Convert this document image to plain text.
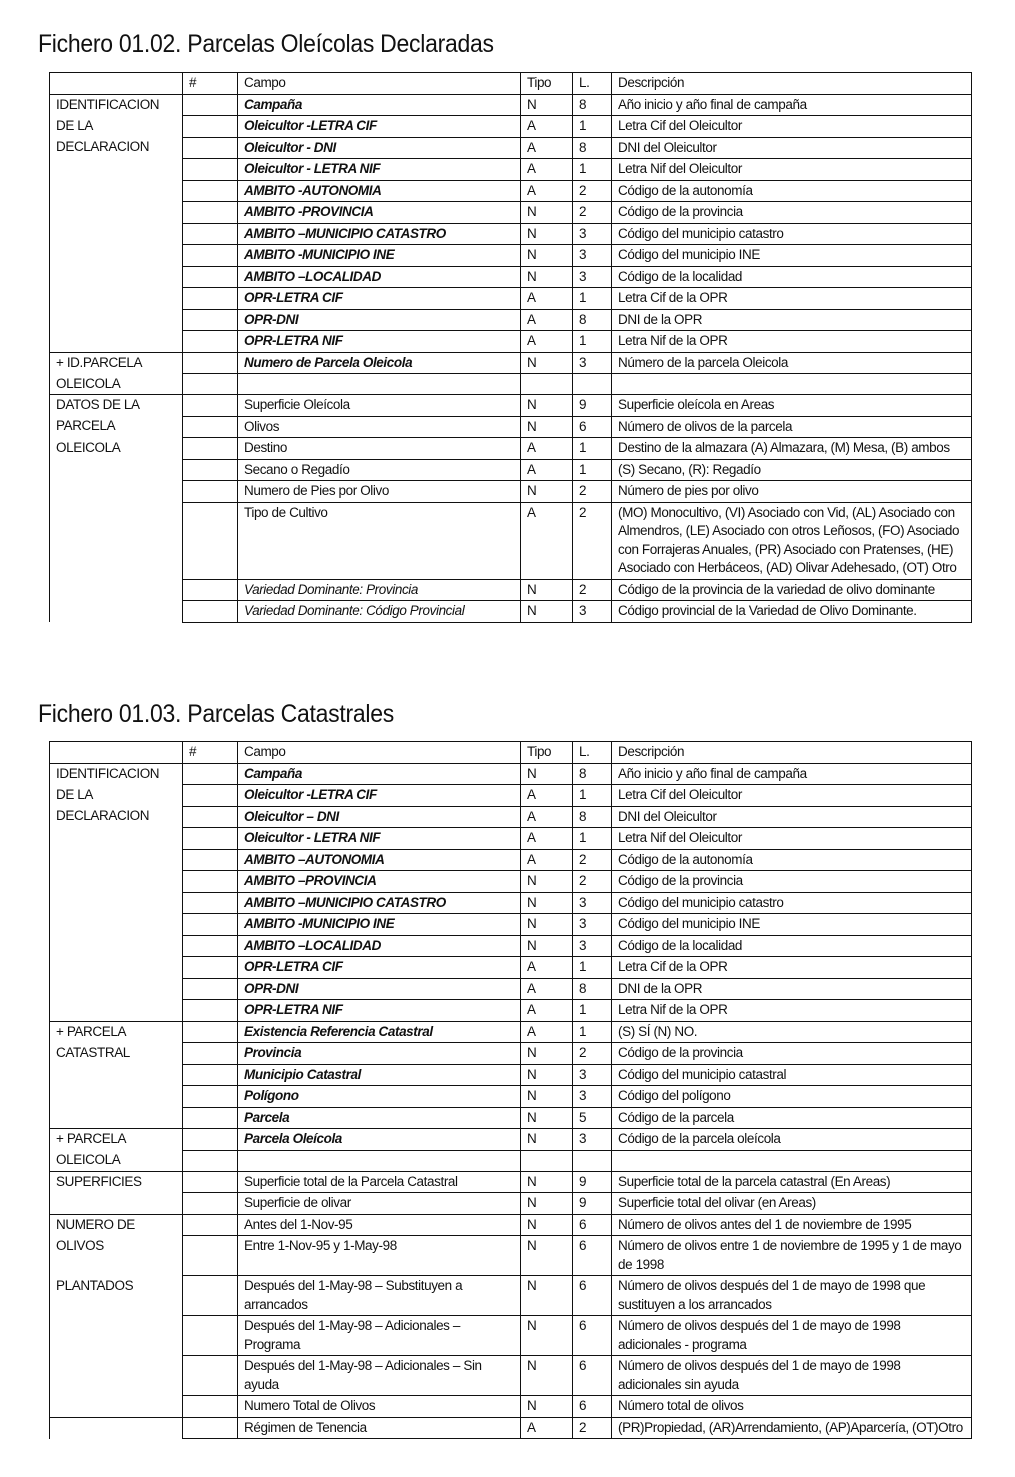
Fichero 01.02. Parcelas Oleícolas Declaradas
	#	Campo	Tipo	L.	Descripción
IDENTIFICACION		Campaña	N	8	Año inicio y año final de campaña
DE LA		Oleicultor -LETRA CIF	A	1	Letra Cif del Oleicultor
DECLARACION		Oleicultor - DNI	A	8	DNI del Oleicultor
		Oleicultor - LETRA NIF	A	1	Letra Nif del Oleicultor
		AMBITO -AUTONOMIA	A	2	Código de la autonomía
		AMBITO -PROVINCIA	N	2	Código de la provincia
		AMBITO –MUNICIPIO CATASTRO	N	3	Código del municipio catastro
		AMBITO -MUNICIPIO INE	N	3	Código del municipio INE
		AMBITO –LOCALIDAD	N	3	Código de la localidad
		OPR-LETRA CIF	A	1	Letra Cif de la OPR
		OPR-DNI	A	8	DNI de la OPR
		OPR-LETRA NIF	A	1	Letra Nif de la OPR
+ ID.PARCELA		Numero de Parcela Oleicola	N	3	Número de la parcela Oleicola
OLEICOLA					
DATOS DE LA		Superficie Oleícola	N	9	Superficie oleícola en Areas
PARCELA		Olivos	N	6	Número de olivos de la parcela
OLEICOLA		Destino	A	1	Destino de la almazara (A) Almazara, (M) Mesa, (B) ambos
		Secano o Regadío	A	1	(S) Secano, (R): Regadío
		Numero de Pies por Olivo	N	2	Número de pies por olivo
		Tipo de Cultivo	A	2	(MO) Monocultivo, (VI) Asociado con Vid, (AL) Asociado con Almendros, (LE) Asociado con otros Leñosos, (FO) Asociado con Forrajeras Anuales, (PR) Asociado con Pratenses, (HE) Asociado con Herbáceos, (AD) Olivar Adehesado, (OT) Otro
		Variedad Dominante: Provincia	N	2	Código de la provincia de la variedad de olivo dominante
		Variedad Dominante: Código Provincial	N	3	Código provincial de la Variedad de Olivo Dominante.
Fichero 01.03. Parcelas Catastrales
	#	Campo	Tipo	L.	Descripción
IDENTIFICACION		Campaña	N	8	Año inicio y año final de campaña
DE LA		Oleicultor -LETRA CIF	A	1	Letra Cif del Oleicultor
DECLARACION		Oleicultor – DNI	A	8	DNI del Oleicultor
		Oleicultor - LETRA NIF	A	1	Letra Nif del Oleicultor
		AMBITO –AUTONOMIA	A	2	Código de la autonomía
		AMBITO –PROVINCIA	N	2	Código de la provincia
		AMBITO –MUNICIPIO CATASTRO	N	3	Código del municipio catastro
		AMBITO -MUNICIPIO INE	N	3	Código del municipio INE
		AMBITO –LOCALIDAD	N	3	Código de la localidad
		OPR-LETRA CIF	A	1	Letra Cif de la OPR
		OPR-DNI	A	8	DNI de la OPR
		OPR-LETRA NIF	A	1	Letra Nif de la OPR
+ PARCELA		Existencia Referencia Catastral	A	1	(S) SÍ (N) NO.
CATASTRAL		Provincia	N	2	Código de la provincia
		Municipio Catastral	N	3	Código del municipio catastral
		Polígono	N	3	Código del polígono
		Parcela	N	5	Código de la parcela
+ PARCELA		Parcela Oleícola	N	3	Código de la parcela oleícola
OLEICOLA					
SUPERFICIES		Superficie total de la Parcela Catastral	N	9	Superficie total de la parcela catastral (En Areas)
		Superficie de olivar	N	9	Superficie total del olivar (en Areas)
NUMERO DE		Antes del 1-Nov-95	N	6	Número de olivos antes del 1 de noviembre de 1995
OLIVOS		Entre 1-Nov-95 y 1-May-98	N	6	Número de olivos entre 1 de noviembre de 1995 y 1 de mayo de 1998
PLANTADOS		Después del 1-May-98 – Substituyen a arrancados	N	6	Número de olivos después del 1 de mayo de 1998 que sustituyen a los arrancados
		Después del 1-May-98 – Adicionales – Programa	N	6	Número de olivos después del 1 de mayo de 1998 adicionales - programa
		Después del 1-May-98 – Adicionales – Sin ayuda	N	6	Número de olivos después del 1 de mayo de 1998 adicionales sin ayuda
		Numero Total de Olivos	N	6	Número total de olivos
		Régimen de Tenencia	A	2	(PR)Propiedad, (AR)Arrendamiento, (AP)Aparcería, (OT)Otro
